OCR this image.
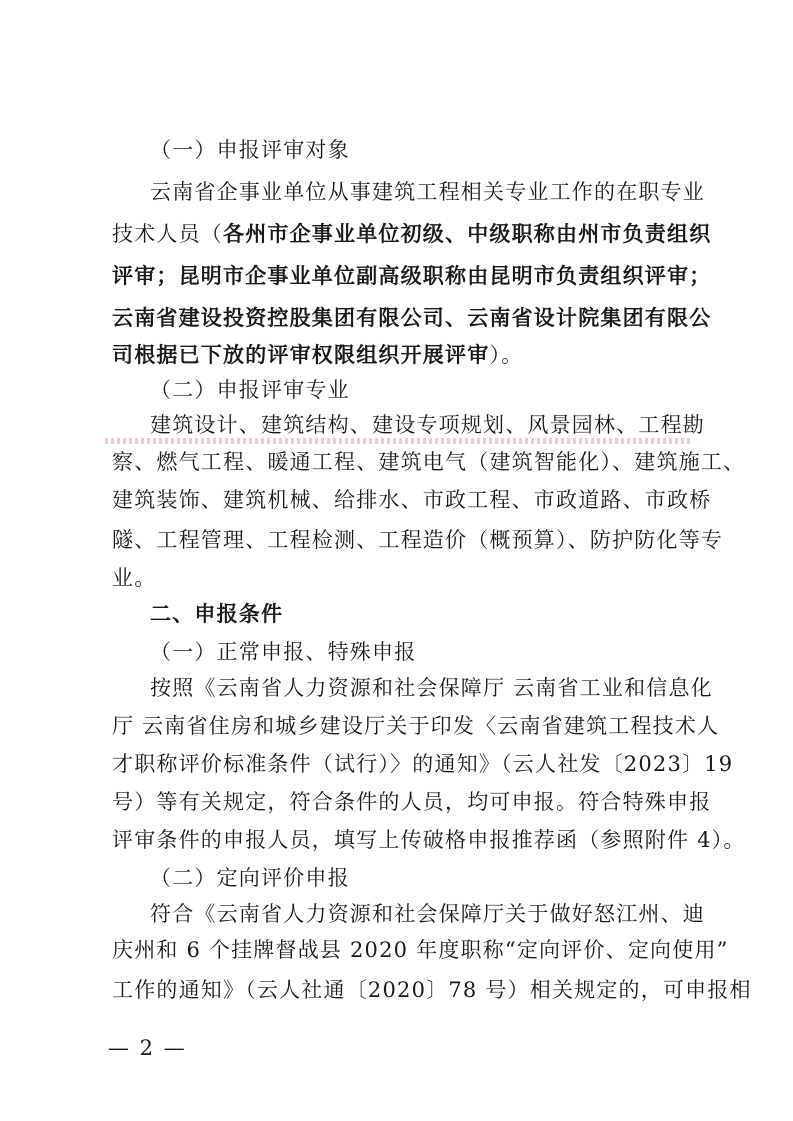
（一）申报评审对象
云南省企事业单位从事建筑工程相关专业工作的在职专业
技术人员（各州市企事业单位初级、中级职称由州市负责组织
评审；昆明市企事业单位副高级职称由昆明市负责组织评审；
云南省建设投资控股集团有限公司、云南省设计院集团有限公
司根据已下放的评审权限组织开展评审）。
（二）申报评审专业
建筑设计、建筑结构、建设专项规划、风景园林、工程勘
察、燃气工程、暖通工程、建筑电气（建筑智能化）、建筑施工、
建筑装饰、建筑机械、给排水、市政工程、市政道路、市政桥
隧、工程管理、工程检测、工程造价（概预算）、防护防化等专
业。
二、申报条件
（一）正常申报、特殊申报
按照《云南省人力资源和社会保障厅 云南省工业和信息化
厅 云南省住房和城乡建设厅关于印发〈云南省建筑工程技术人
才职称评价标准条件（试行）〉的通知》（云人社发〔2023〕19
号）等有关规定，符合条件的人员，均可申报。符合特殊申报
评审条件的申报人员，填写上传破格申报推荐函（参照附件 4）。
（二）定向评价申报
符合《云南省人力资源和社会保障厅关于做好怒江州、迪
庆州和 6 个挂牌督战县 2020 年度职称“定向评价、定向使用”
工作的通知》（云人社通〔2020〕78 号）相关规定的，可申报相
— 2 —
